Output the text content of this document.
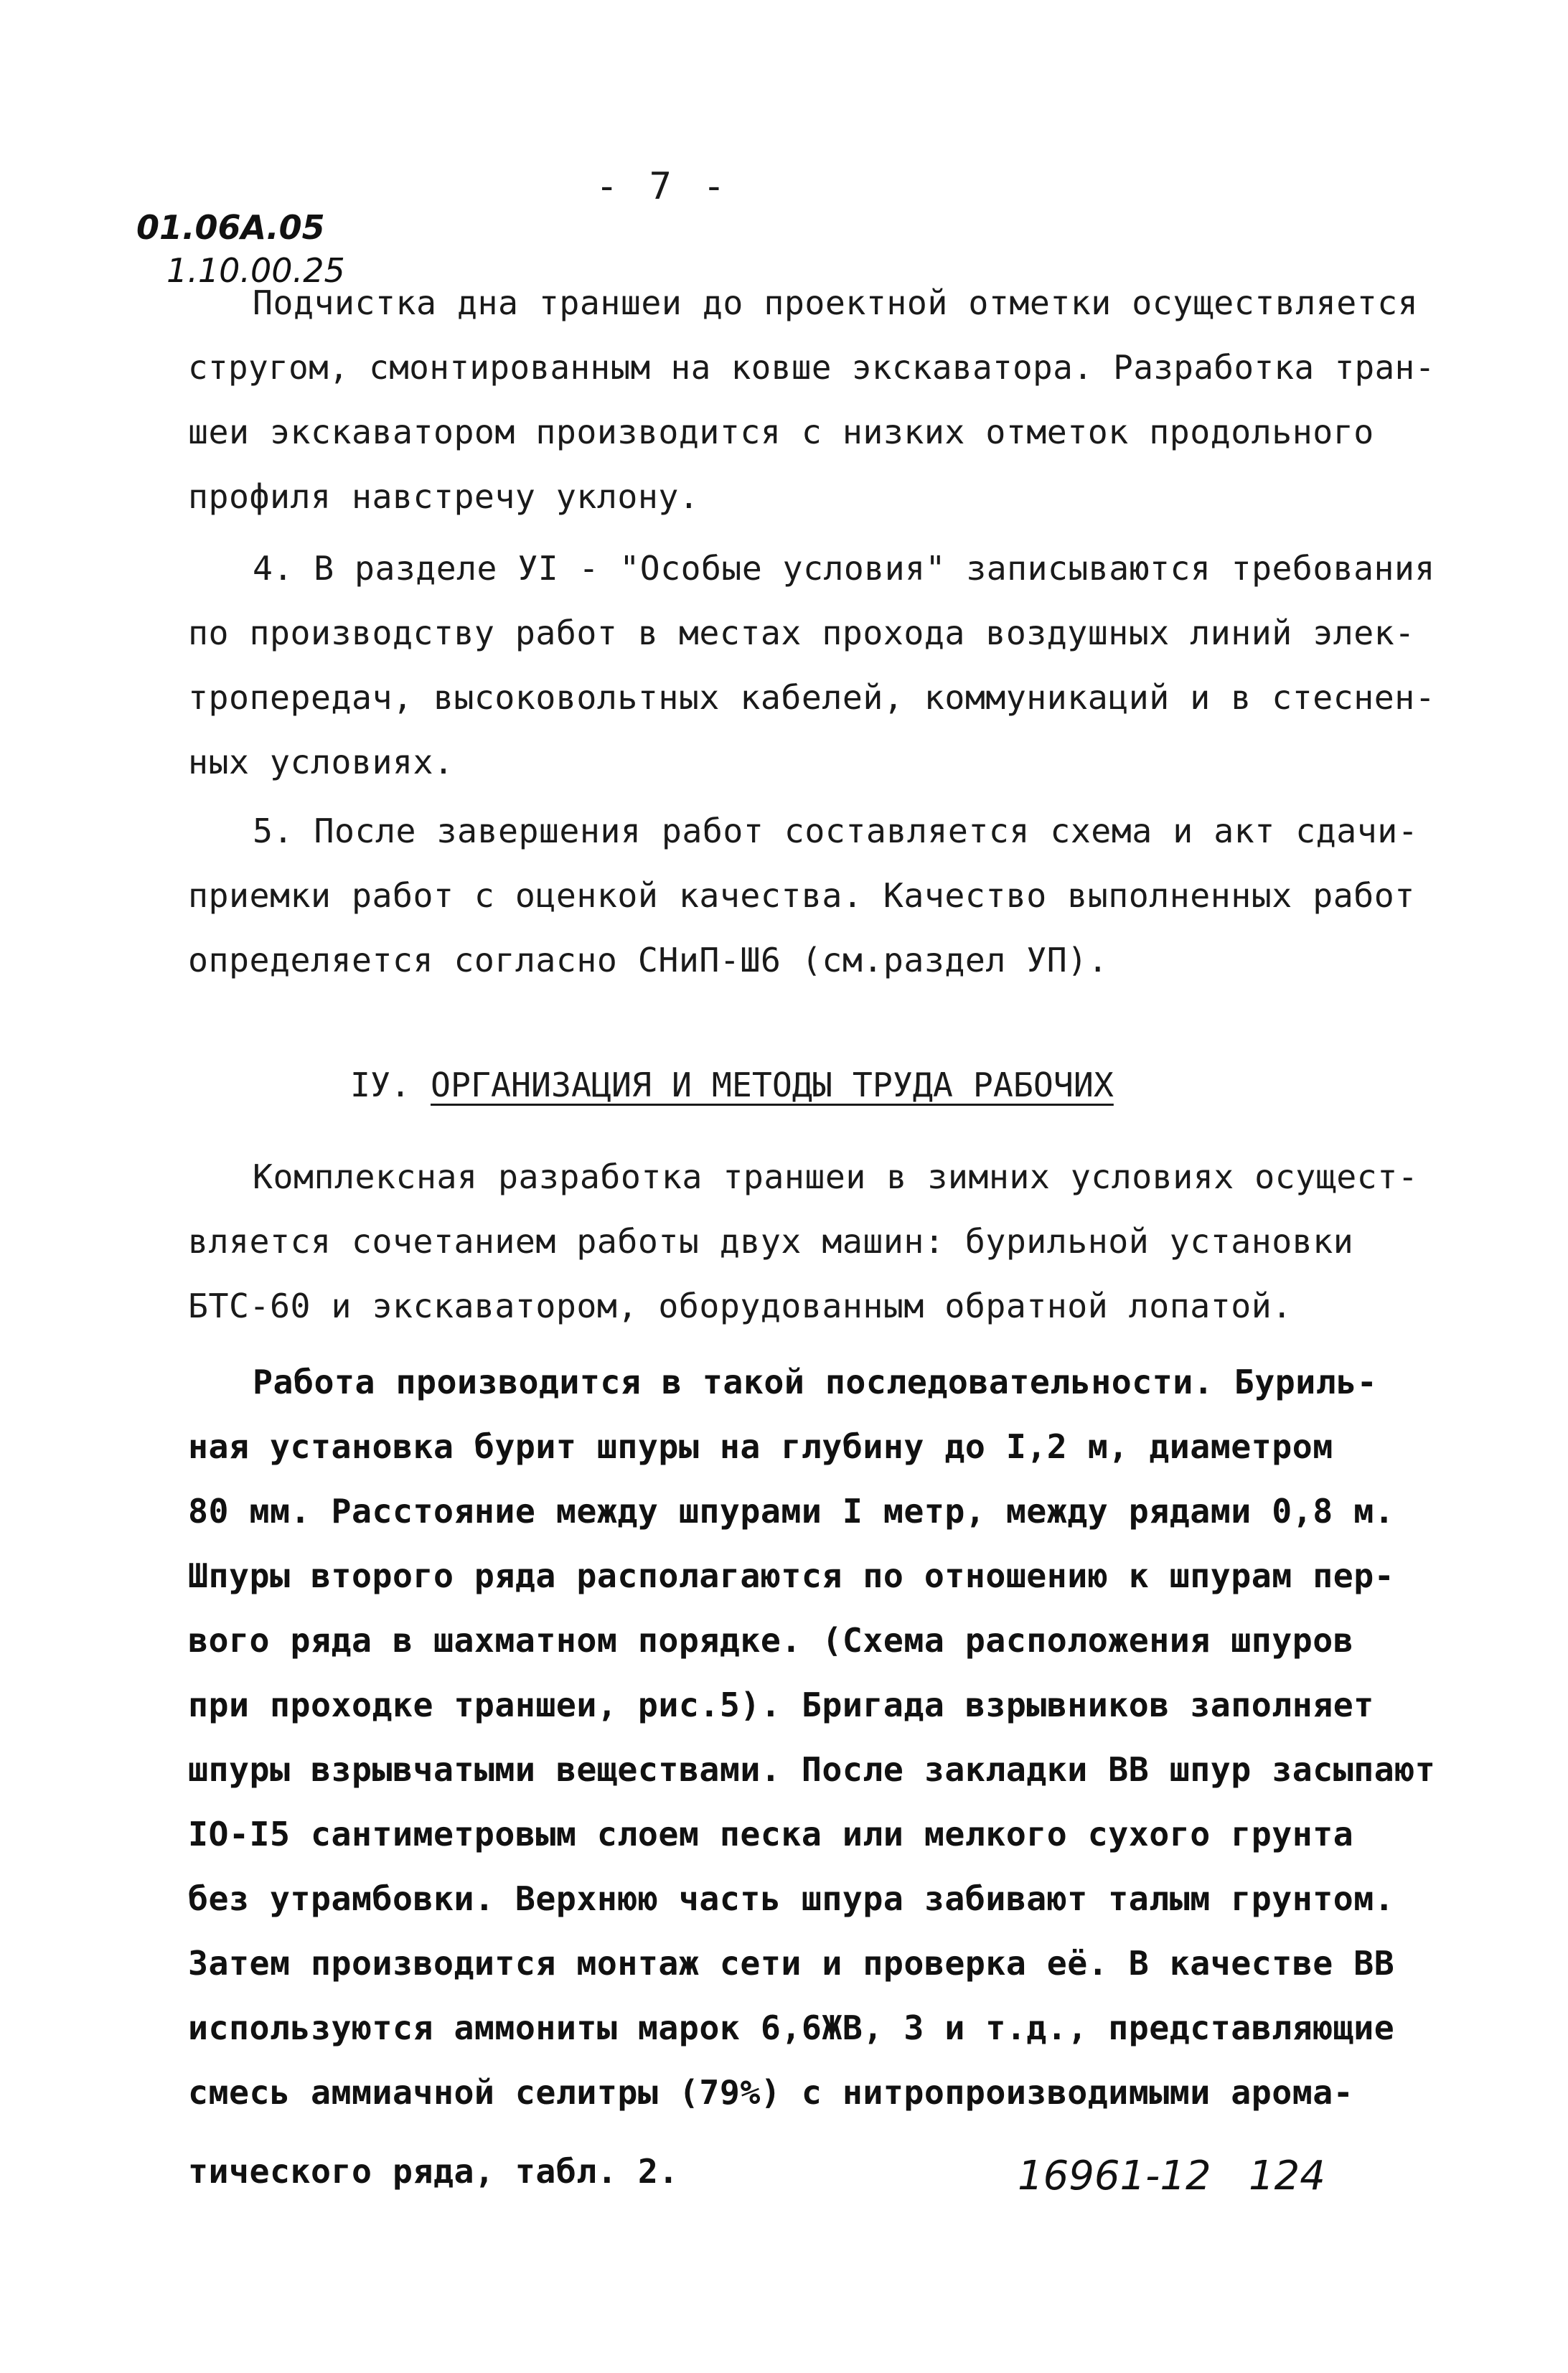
- 7 -
01.06А.05
1.10.00.25
Подчистка дна траншеи до проектной отметки осуществляется
стругом, смонтированным на ковше экскаватора. Разработка тран-
шеи экскаватором производится с низких отметок продольного
профиля навстречу уклону.
4. В разделе УI - "Особые условия" записываются требования
по производству работ в местах прохода воздушных линий элек-
тропередач, высоковольтных кабелей, коммуникаций и в стеснен-
ных условиях.
5. После завершения работ составляется схема и акт сдачи-
приемки работ с оценкой качества. Качество выполненных работ
определяется согласно СНиП-Ш6 (см.раздел УП).
IУ. ОРГАНИЗАЦИЯ И МЕТОДЫ ТРУДА РАБОЧИХ
Комплексная разработка траншеи в зимних условиях осущест-
вляется сочетанием работы двух машин: бурильной установки
БТС-60 и экскаватором, оборудованным обратной лопатой.
Работа производится в такой последовательности. Буриль-
ная установка бурит шпуры на глубину до I,2 м, диаметром
80 мм. Расстояние между шпурами I метр, между рядами 0,8 м.
Шпуры второго ряда располагаются по отношению к шпурам пер-
вого ряда в шахматном порядке. (Схема расположения шпуров
при проходке траншеи, рис.5). Бригада взрывников заполняет
шпуры взрывчатыми веществами. После закладки ВВ шпур засыпают
IO-I5 сантиметровым слоем песка или мелкого сухого грунта
без утрамбовки. Верхнюю часть шпура забивают талым грунтом.
Затем производится монтаж сети и проверка её. В качестве ВВ
используются аммониты марок 6,6ЖВ, 3 и т.д., представляющие
смесь аммиачной селитры (79%) с нитропроизводимыми арома-
тического ряда, табл. 2.	16961-12 124
